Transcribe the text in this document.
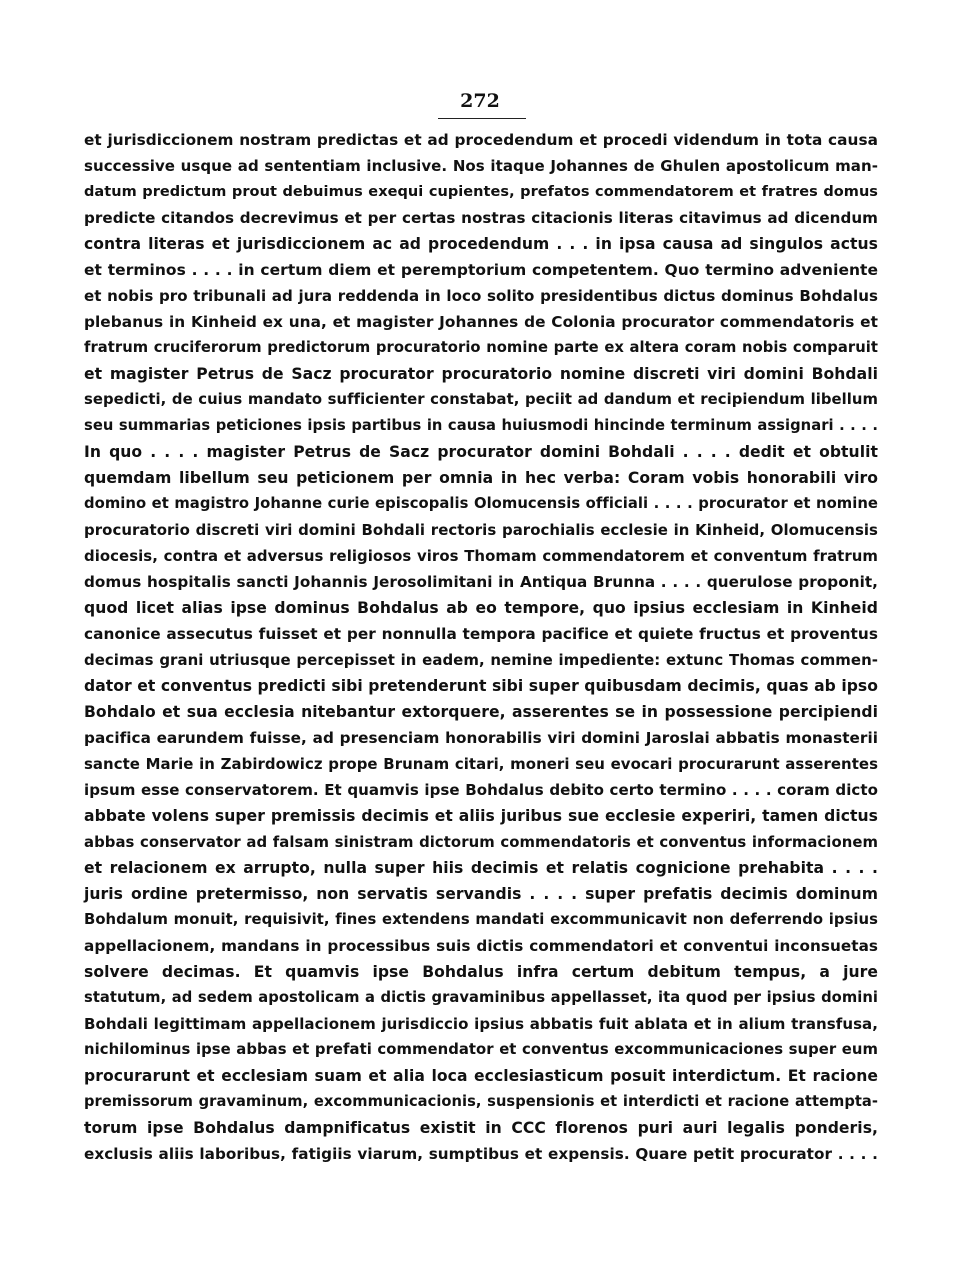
272
et jurisdiccionem nostram predictas et ad procedendum et procedi videndum in tota causa
successive usque ad sententiam inclusive. Nos itaque Johannes de Ghulen apostolicum man-
datum predictum prout debuimus exequi cupientes, prefatos commendatorem et fratres domus
predicte citandos decrevimus et per certas nostras citacionis literas citavimus ad dicendum
contra literas et jurisdiccionem ac ad procedendum . . . in ipsa causa ad singulos actus
et terminos . . . . in certum diem et peremptorium competentem. Quo termino adveniente
et nobis pro tribunali ad jura reddenda in loco solito presidentibus dictus dominus Bohdalus
plebanus in Kinheid ex una, et magister Johannes de Colonia procurator commendatoris et
fratrum cruciferorum predictorum procuratorio nomine parte ex altera coram nobis comparuit
et magister Petrus de Sacz procurator procuratorio nomine discreti viri domini Bohdali
sepedicti, de cuius mandato sufficienter constabat, peciit ad dandum et recipiendum libellum
seu summarias peticiones ipsis partibus in causa huiusmodi hincinde terminum assignari . . . .
In quo . . . . magister Petrus de Sacz procurator domini Bohdali . . . . dedit et obtulit
quemdam libellum seu peticionem per omnia in hec verba: Coram vobis honorabili viro
domino et magistro Johanne curie episcopalis Olomucensis officiali . . . . procurator et nomine
procuratorio discreti viri domini Bohdali rectoris parochialis ecclesie in Kinheid, Olomucensis
diocesis, contra et adversus religiosos viros Thomam commendatorem et conventum fratrum
domus hospitalis sancti Johannis Jerosolimitani in Antiqua Brunna . . . . querulose proponit,
quod licet alias ipse dominus Bohdalus ab eo tempore, quo ipsius ecclesiam in Kinheid
canonice assecutus fuisset et per nonnulla tempora pacifice et quiete fructus et proventus
decimas grani utriusque percepisset in eadem, nemine impediente: extunc Thomas commen-
dator et conventus predicti sibi pretenderunt sibi super quibusdam decimis, quas ab ipso
Bohdalo et sua ecclesia nitebantur extorquere, asserentes se in possessione percipiendi
pacifica earundem fuisse, ad presenciam honorabilis viri domini Jaroslai abbatis monasterii
sancte Marie in Zabirdowicz prope Brunam citari, moneri seu evocari procurarunt asserentes
ipsum esse conservatorem. Et quamvis ipse Bohdalus debito certo termino . . . . coram dicto
abbate volens super premissis decimis et aliis juribus sue ecclesie experiri, tamen dictus
abbas conservator ad falsam sinistram dictorum commendatoris et conventus informacionem
et relacionem ex arrupto, nulla super hiis decimis et relatis cognicione prehabita . . . .
juris ordine pretermisso, non servatis servandis . . . . super prefatis decimis dominum
Bohdalum monuit, requisivit, fines extendens mandati excommunicavit non deferrendo ipsius
appellacionem, mandans in processibus suis dictis commendatori et conventui inconsuetas
solvere decimas. Et quamvis ipse Bohdalus infra certum debitum tempus, a jure
statutum, ad sedem apostolicam a dictis gravaminibus appellasset, ita quod per ipsius domini
Bohdali legittimam appellacionem jurisdiccio ipsius abbatis fuit ablata et in alium transfusa,
nichilominus ipse abbas et prefati commendator et conventus excommunicaciones super eum
procurarunt et ecclesiam suam et alia loca ecclesiasticum posuit interdictum. Et racione
premissorum gravaminum, excommunicacionis, suspensionis et interdicti et racione attempta-
torum ipse Bohdalus dampnificatus existit in CCC florenos puri auri legalis ponderis,
exclusis aliis laboribus, fatigiis viarum, sumptibus et expensis. Quare petit procurator . . . .
